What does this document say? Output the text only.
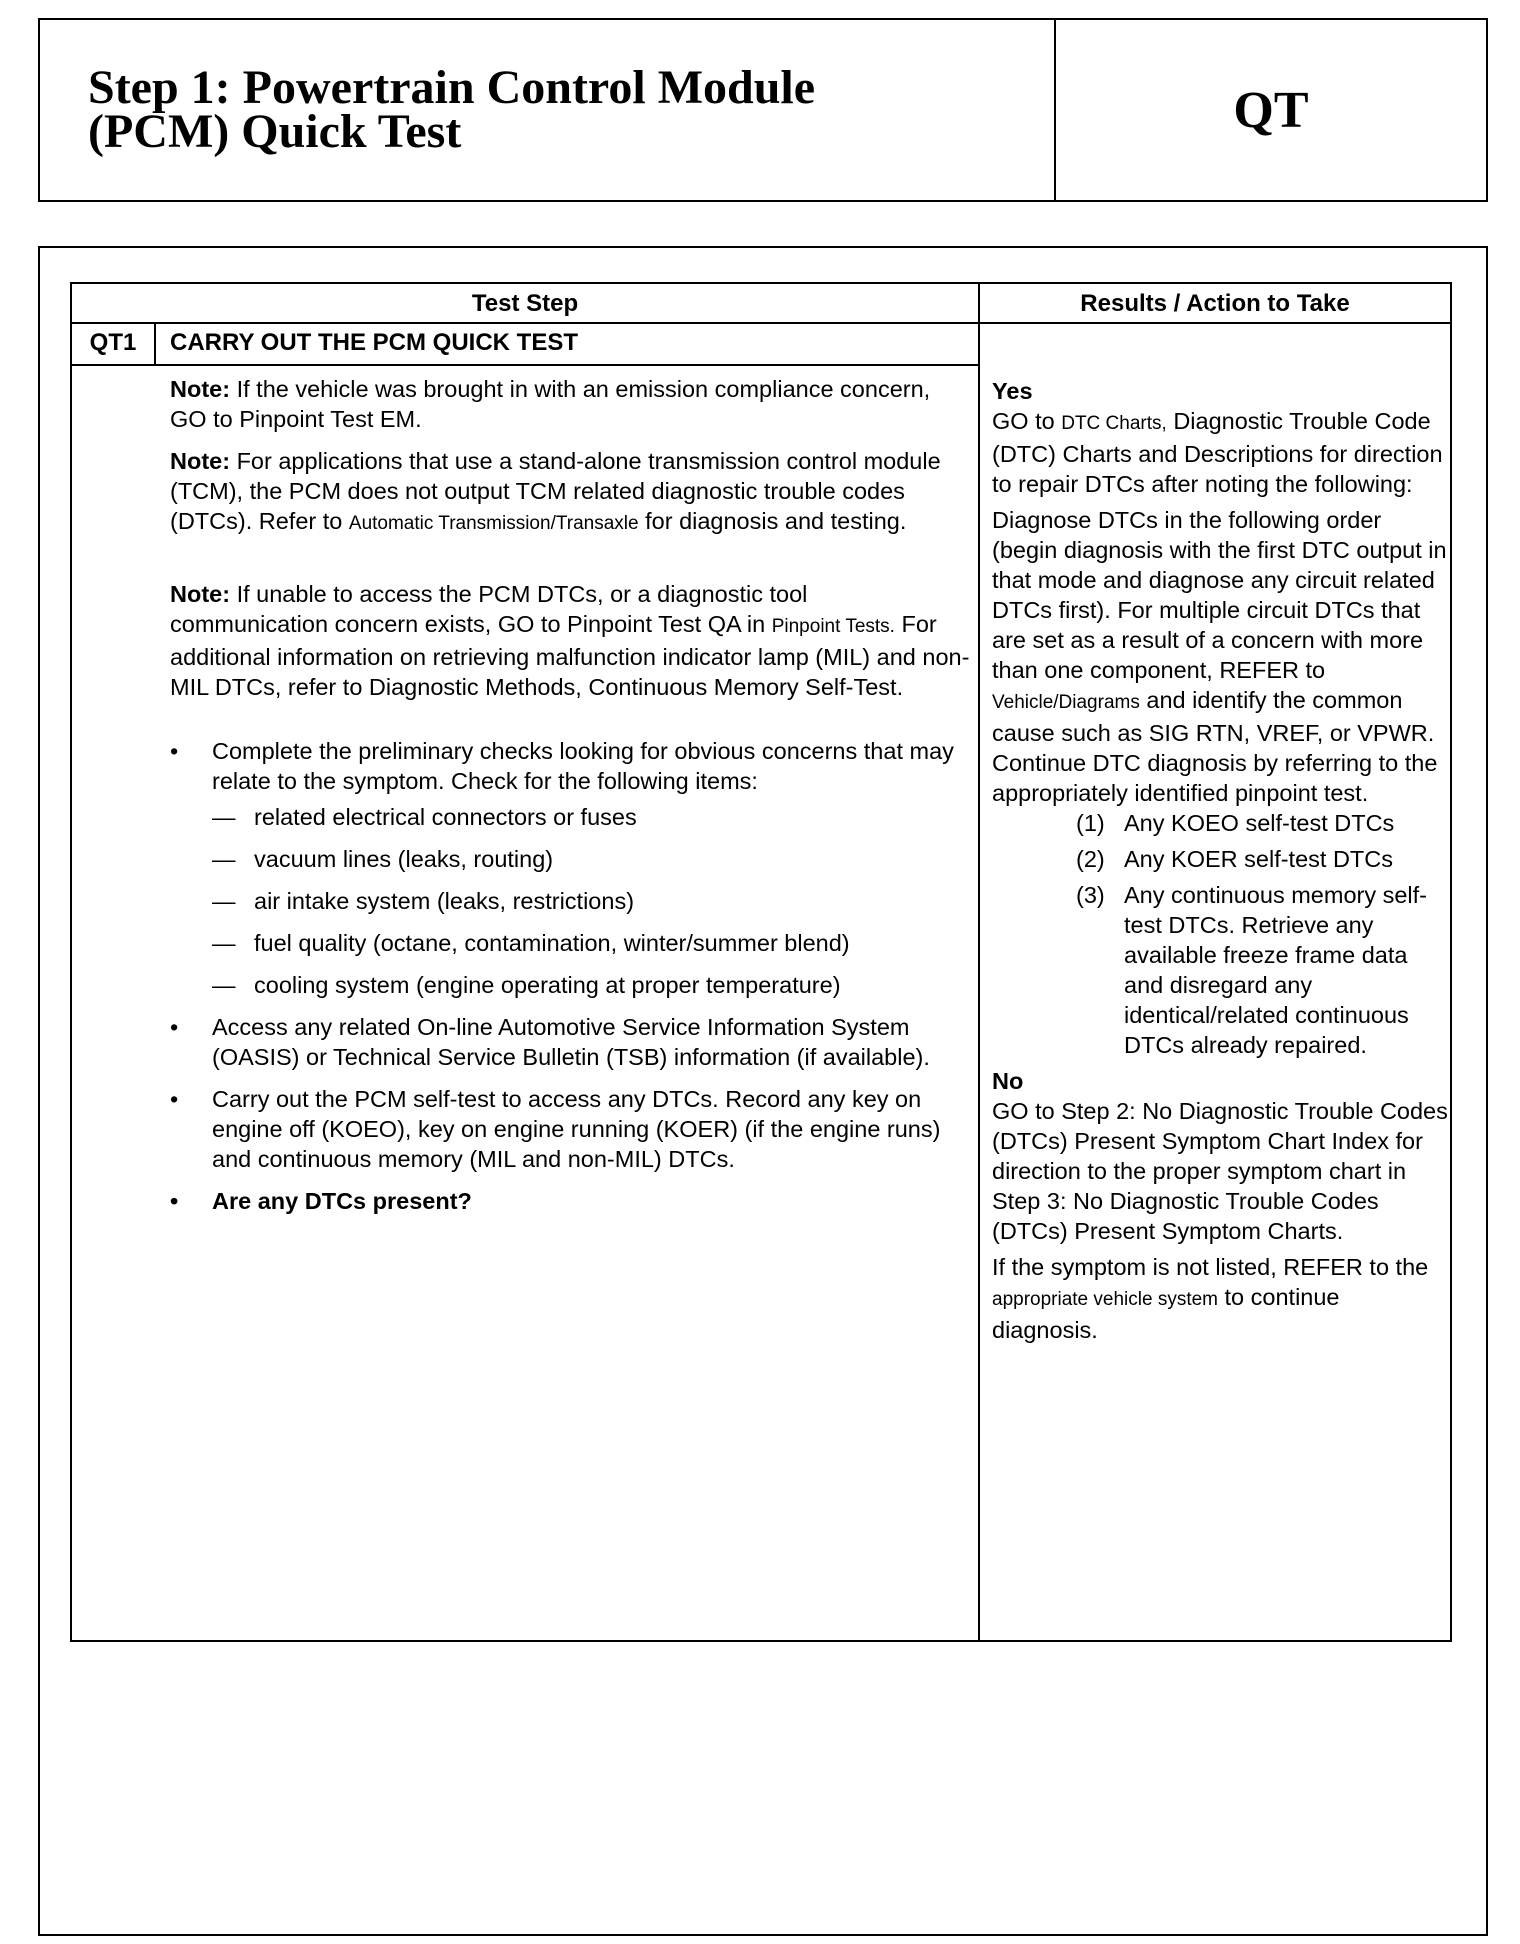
Step 1: Powertrain Control Module
(PCM) Quick Test	QT
Test Step	Results / Action to Take
QT1	CARRY OUT THE PCM QUICK TEST

Note: If the vehicle was brought in with an emission compliance concern, GO to Pinpoint Test EM.

Note: For applications that use a stand-alone transmission control module (TCM), the PCM does not output TCM related diagnostic trouble codes (DTCs). Refer to Automatic Transmission/Transaxle for diagnosis and testing.

Note: If unable to access the PCM DTCs, or a diagnostic tool communication concern exists, GO to Pinpoint Test QA in Pinpoint Tests. For additional information on retrieving malfunction indicator lamp (MIL) and non-MIL DTCs, refer to Diagnostic Methods, Continuous Memory Self-Test.

•	Complete the preliminary checks looking for obvious concerns that may relate to the symptom. Check for the following items:

— related electrical connectors or fuses

— vacuum lines (leaks, routing)

— air intake system (leaks, restrictions)

— fuel quality (octane, contamination, winter/summer blend)

— cooling system (engine operating at proper temperature)

•	Access any related On-line Automotive Service Information System (OASIS) or Technical Service Bulletin (TSB) information (if available).

•	Carry out the PCM self-test to access any DTCs. Record any key on engine off (KOEO), key on engine running (KOER) (if the engine runs) and continuous memory (MIL and non-MIL) DTCs.

•	Are any DTCs present?

Yes

GO to DTC Charts, Diagnostic Trouble Code (DTC) Charts and Descriptions for direction to repair DTCs after noting the following:

Diagnose DTCs in the following order (begin diagnosis with the first DTC output in that mode and diagnose any circuit related DTCs first). For multiple circuit DTCs that are set as a result of a concern with more than one component, REFER to Vehicle/Diagrams and identify the common cause such as SIG RTN, VREF, or VPWR. Continue DTC diagnosis by referring to the appropriately identified pinpoint test.

(1) Any KOEO self-test DTCs

(2) Any KOER self-test DTCs

(3) Any continuous memory self-test DTCs. Retrieve any available freeze frame data and disregard any identical/related continuous DTCs already repaired.

No

GO to Step 2: No Diagnostic Trouble Codes (DTCs) Present Symptom Chart Index for direction to the proper symptom chart in Step 3: No Diagnostic Trouble Codes (DTCs) Present Symptom Charts.

If the symptom is not listed, REFER to the appropriate vehicle system to continue diagnosis.
